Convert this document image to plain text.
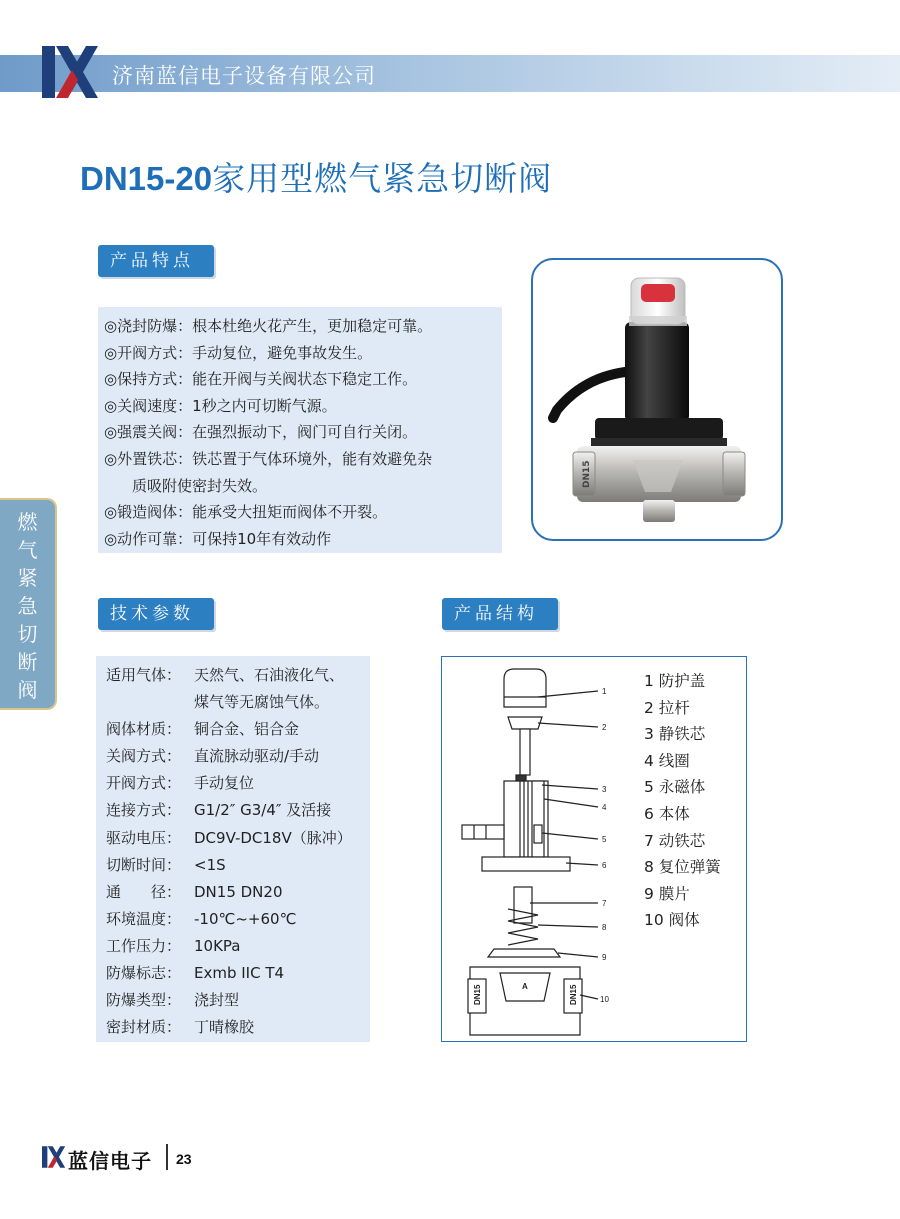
济南蓝信电子设备有限公司
DN15-20家用型燃气紧急切断阀
产品特点
◎浇封防爆：根本杜绝火花产生，更加稳定可靠。
◎开阀方式：手动复位，避免事故发生。
◎保持方式：能在开阀与关阀状态下稳定工作。
◎关阀速度：1秒之内可切断气源。
◎强震关阀：在强烈振动下，阀门可自行关闭。
◎外置铁芯：铁芯置于气体环境外，能有效避免杂
质吸附使密封失效。
◎锻造阀体：能承受大扭矩而阀体不开裂。
◎动作可靠：可保持10年有效动作
DN15
技术参数
适用气体： 天然气、石油液化气、
煤气等无腐蚀气体。
阀体材质： 铜合金、铝合金
关阀方式： 直流脉动驱动/手动
开阀方式： 手动复位
连接方式： G1/2″ G3/4″ 及活接
驱动电压： DC9V-DC18V（脉冲）
切断时间： <1S
通　　径： DN15 DN20
环境温度： -10℃~+60℃
工作压力： 10KPa
防爆标志： Exmb IIC T4
防爆类型： 浇封型
密封材质： 丁晴橡胶
产品结构
1
2
3
4
5
6
7
8
9
10
DN15	A	DN15
1 防护盖
2 拉杆
3 静铁芯
4 线圈
5 永磁体
6 本体
7 动铁芯
8 复位弹簧
9 膜片
10 阀体
燃
气
紧
急
切
断
阀
蓝信电子 23
